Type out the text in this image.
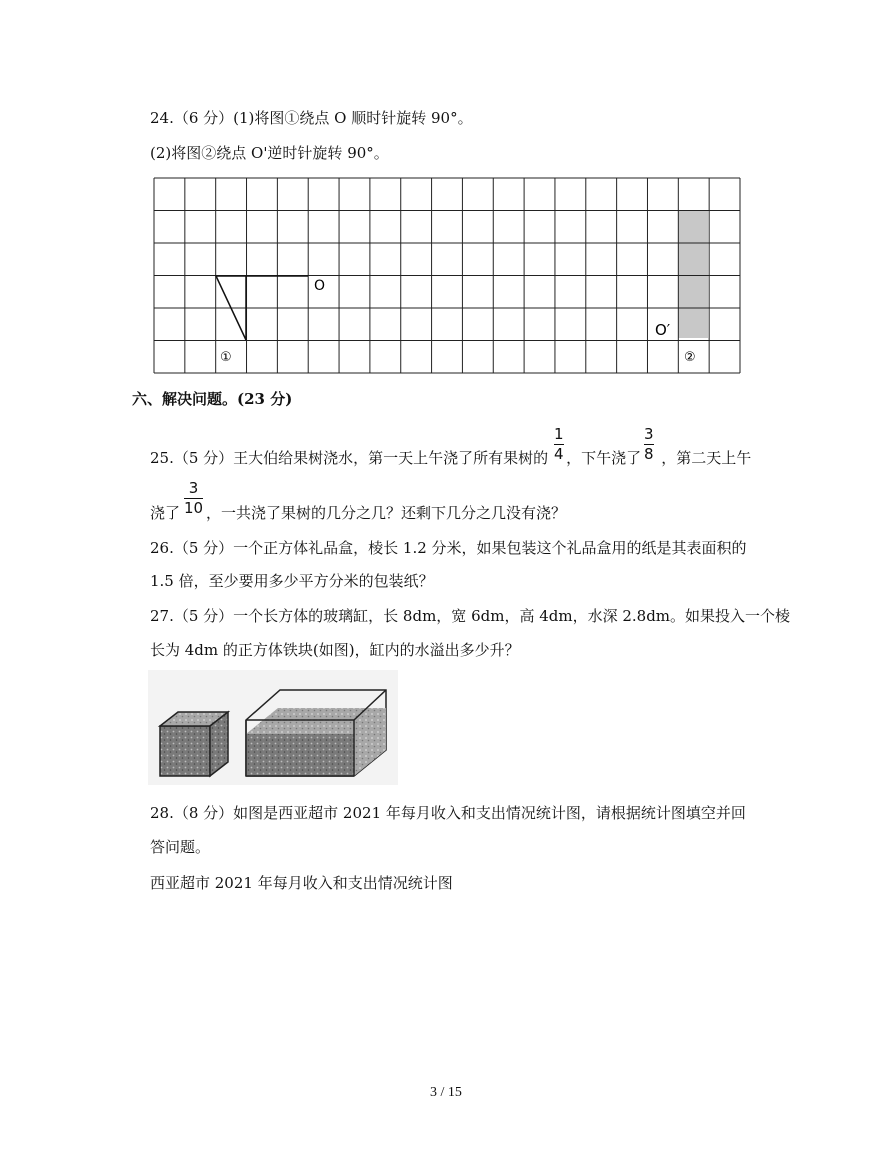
24.（6 分）(1)将图①绕点 O 顺时针旋转 90°。
(2)将图②绕点 O'逆时针旋转 90°。
O
O′
①	②
六、解决问题。(23 分)
25.（5 分）王大伯给果树浇水，第一天上午浇了所有果树的 ，下午浇了 ，第二天上午
1
4
3
8
浇了 ，一共浇了果树的几分之几？还剩下几分之几没有浇？
3
10
26.（5 分）一个正方体礼品盒，棱长 1.2 分米，如果包装这个礼品盒用的纸是其表面积的
1.5 倍，至少要用多少平方分米的包装纸？
27.（5 分）一个长方体的玻璃缸，长 8dm，宽 6dm，高 4dm，水深 2.8dm。如果投入一个棱
长为 4dm 的正方体铁块(如图)，缸内的水溢出多少升？
28.（8 分）如图是西亚超市 2021 年每月收入和支出情况统计图，请根据统计图填空并回
答问题。
西亚超市 2021 年每月收入和支出情况统计图
3 / 15
